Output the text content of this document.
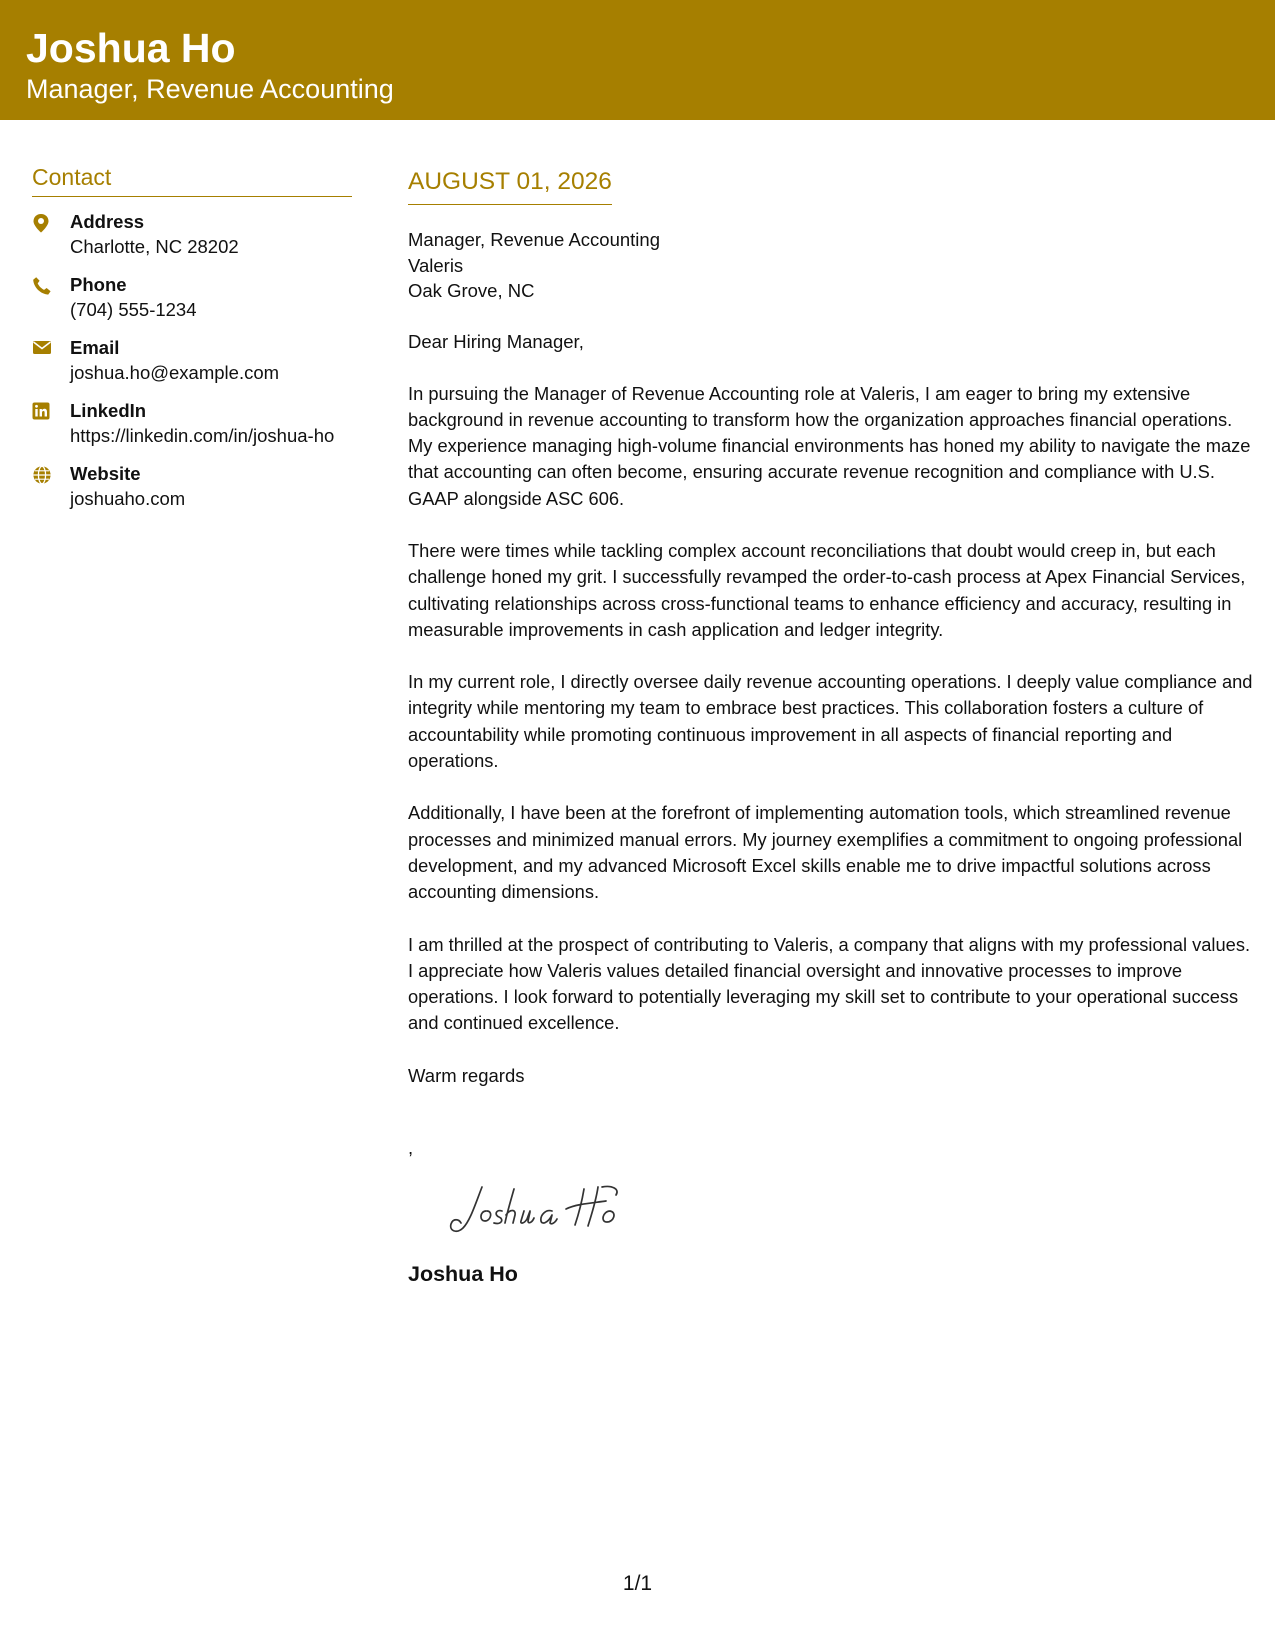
Joshua Ho
Manager, Revenue Accounting
Contact
Address
Charlotte, NC 28202
Phone
(704) 555-1234
Email
joshua.ho@example.com
LinkedIn
https://linkedin.com/in/joshua-ho
Website
joshuaho.com
AUGUST 01, 2026
Manager, Revenue Accounting
Valeris
Oak Grove, NC
Dear Hiring Manager,
In pursuing the Manager of Revenue Accounting role at Valeris, I am eager to bring my extensive background in revenue accounting to transform how the organization approaches financial operations. My experience managing high-volume financial environments has honed my ability to navigate the maze that accounting can often become, ensuring accurate revenue recognition and compliance with U.S. GAAP alongside ASC 606.
There were times while tackling complex account reconciliations that doubt would creep in, but each challenge honed my grit. I successfully revamped the order-to-cash process at Apex Financial Services, cultivating relationships across cross-functional teams to enhance efficiency and accuracy, resulting in measurable improvements in cash application and ledger integrity.
In my current role, I directly oversee daily revenue accounting operations. I deeply value compliance and integrity while mentoring my team to embrace best practices. This collaboration fosters a culture of accountability while promoting continuous improvement in all aspects of financial reporting and operations.
Additionally, I have been at the forefront of implementing automation tools, which streamlined revenue processes and minimized manual errors. My journey exemplifies a commitment to ongoing professional development, and my advanced Microsoft Excel skills enable me to drive impactful solutions across accounting dimensions.
I am thrilled at the prospect of contributing to Valeris, a company that aligns with my professional values. I appreciate how Valeris values detailed financial oversight and innovative processes to improve operations. I look forward to potentially leveraging my skill set to contribute to your operational success and continued excellence.
Warm regards
,
Joshua Ho
1/1
